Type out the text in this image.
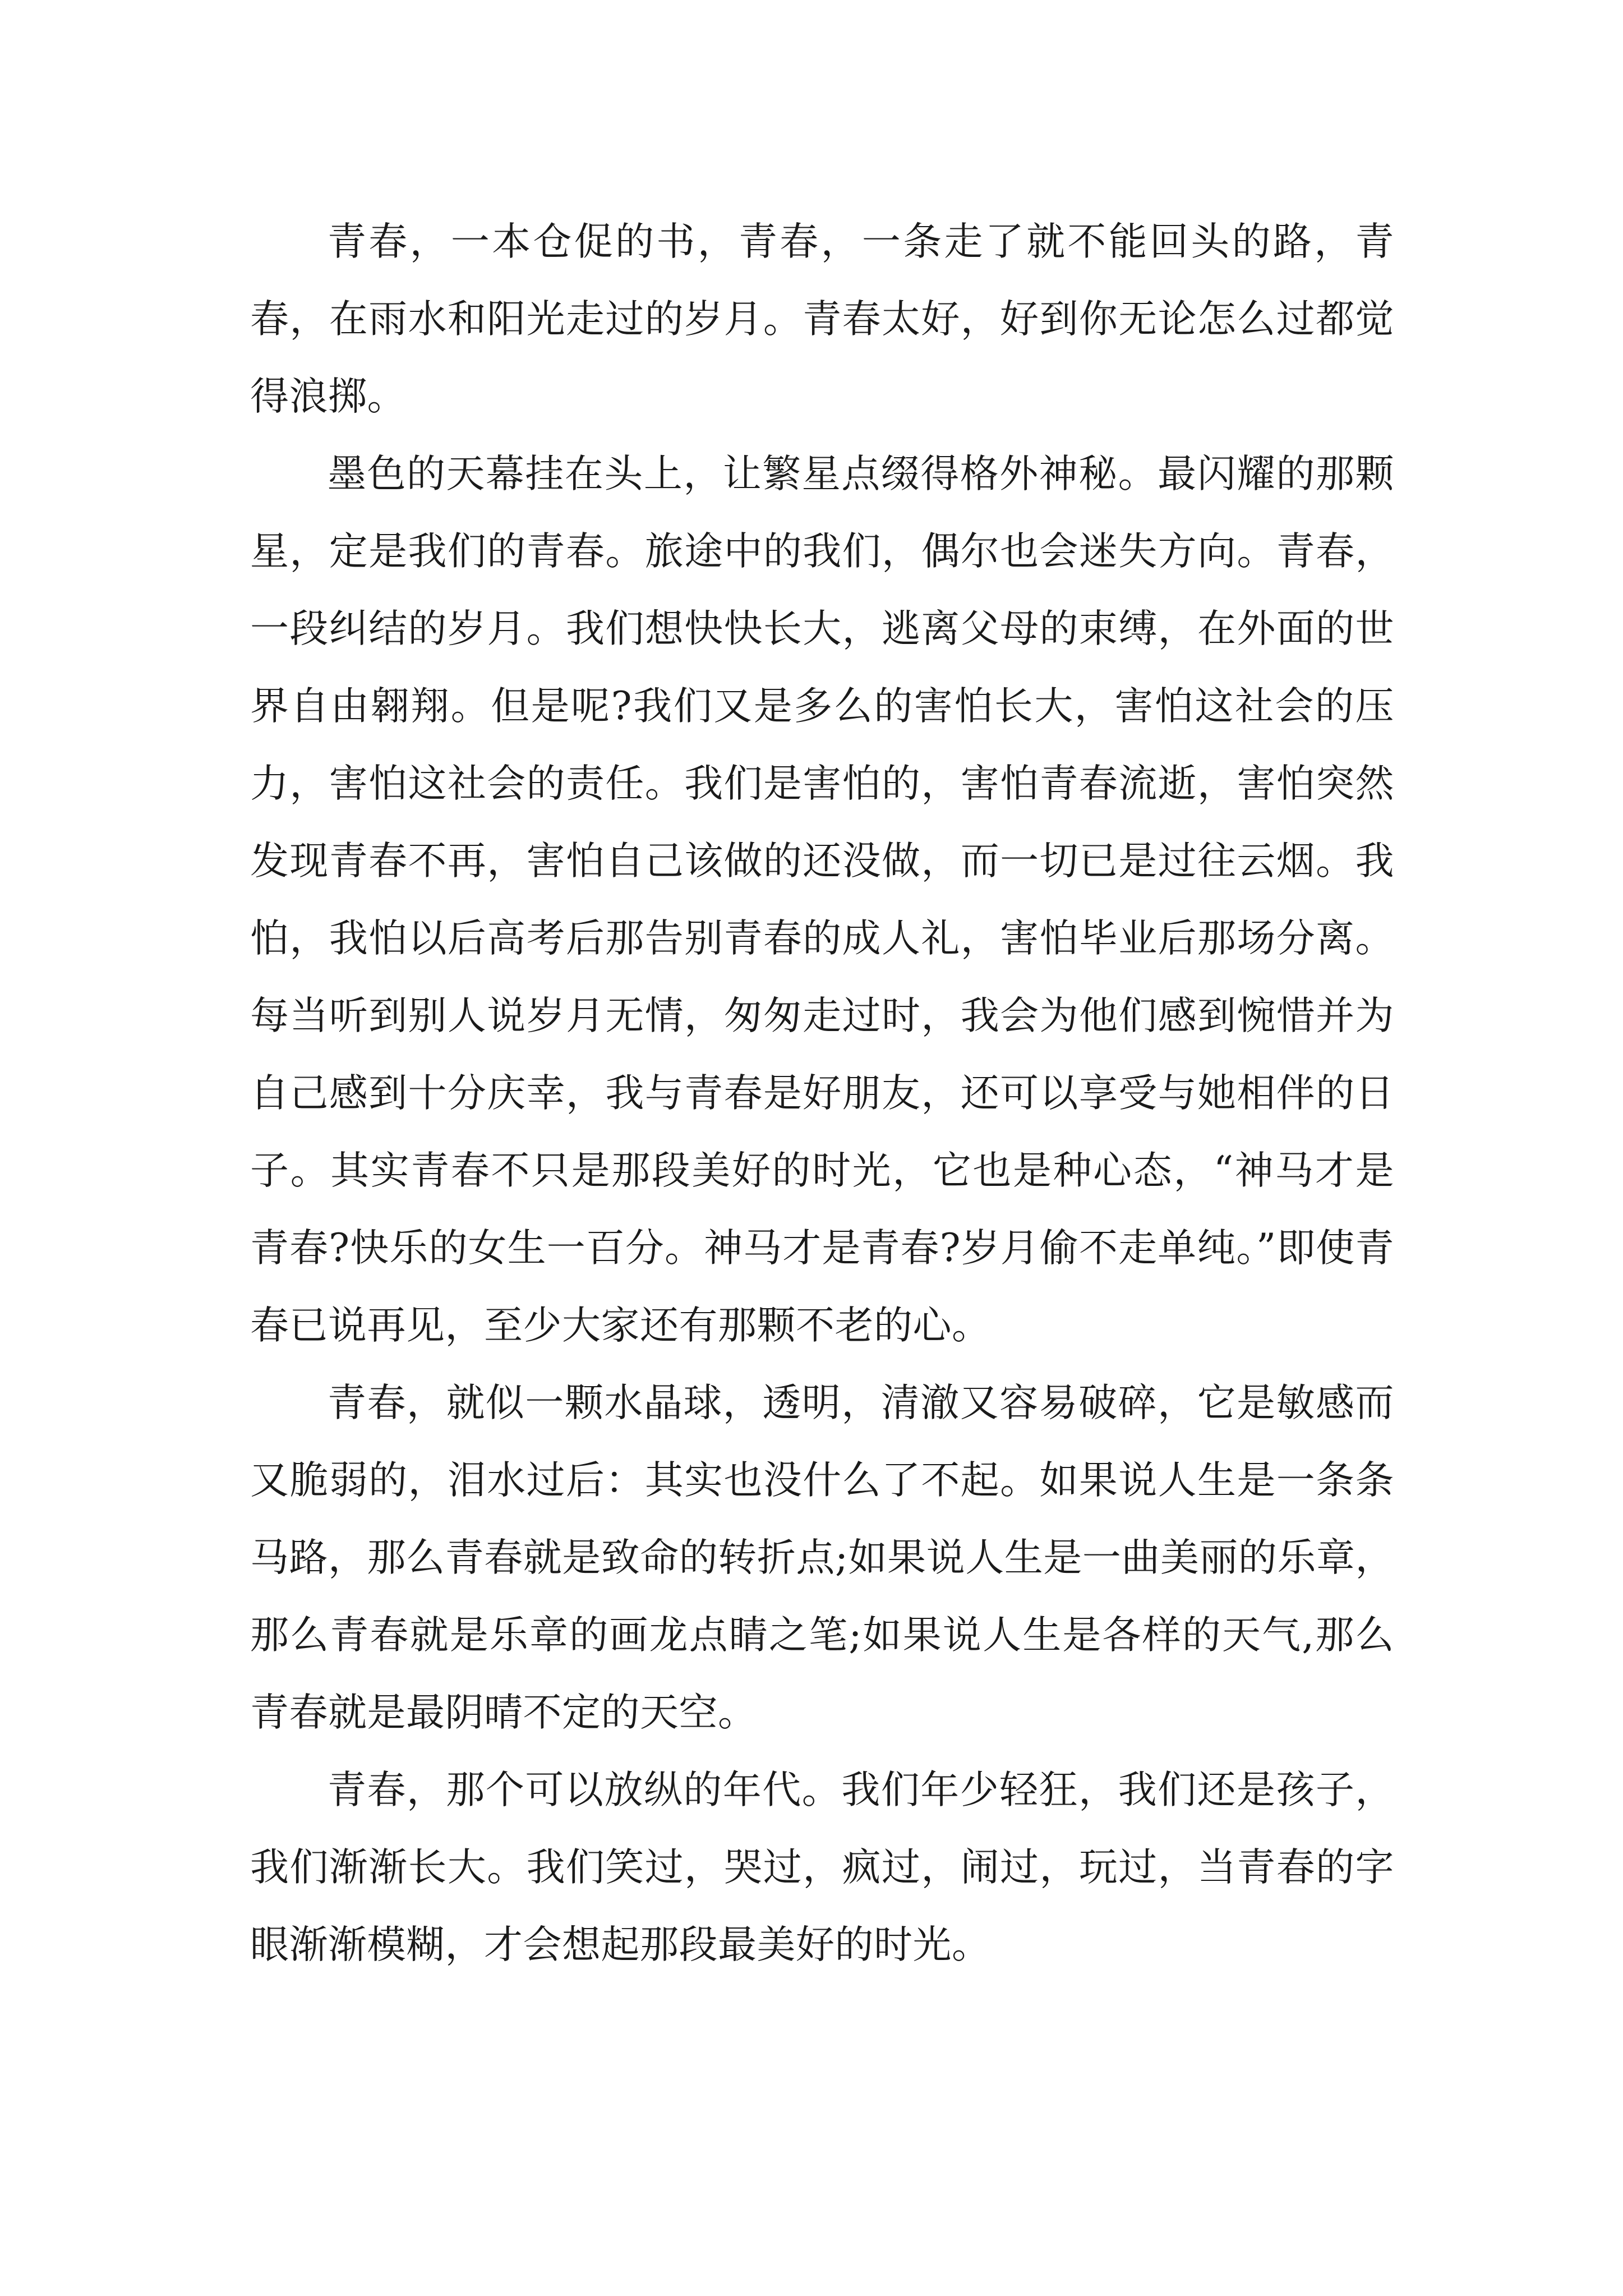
青春，一本仓促的书，青春，一条走了就不能回头的路，青春，在雨水和阳光走过的岁月。青春太好，好到你无论怎么过都觉得浪掷。

墨色的天幕挂在头上，让繁星点缀得格外神秘。最闪耀的那颗星，定是我们的青春。旅途中的我们，偶尔也会迷失方向。青春，一段纠结的岁月。我们想快快长大，逃离父母的束缚，在外面的世界自由翱翔。但是呢?我们又是多么的害怕长大，害怕这社会的压力，害怕这社会的责任。我们是害怕的，害怕青春流逝，害怕突然发现青春不再，害怕自己该做的还没做，而一切已是过往云烟。我怕，我怕以后高考后那告别青春的成人礼，害怕毕业后那场分离。每当听到别人说岁月无情，匆匆走过时，我会为他们感到惋惜并为自己感到十分庆幸，我与青春是好朋友，还可以享受与她相伴的日子。其实青春不只是那段美好的时光，它也是种心态，“神马才是青春?快乐的女生一百分。神马才是青春?岁月偷不走单纯。”即使青春已说再见，至少大家还有那颗不老的心。

青春，就似一颗水晶球，透明，清澈又容易破碎，它是敏感而又脆弱的，泪水过后：其实也没什么了不起。如果说人生是一条条马路，那么青春就是致命的转折点;如果说人生是一曲美丽的乐章，那么青春就是乐章的画龙点睛之笔;如果说人生是各样的天气,那么青春就是最阴晴不定的天空。

青春，那个可以放纵的年代。我们年少轻狂，我们还是孩子，我们渐渐长大。我们笑过，哭过，疯过，闹过，玩过，当青春的字眼渐渐模糊，才会想起那段最美好的时光。
